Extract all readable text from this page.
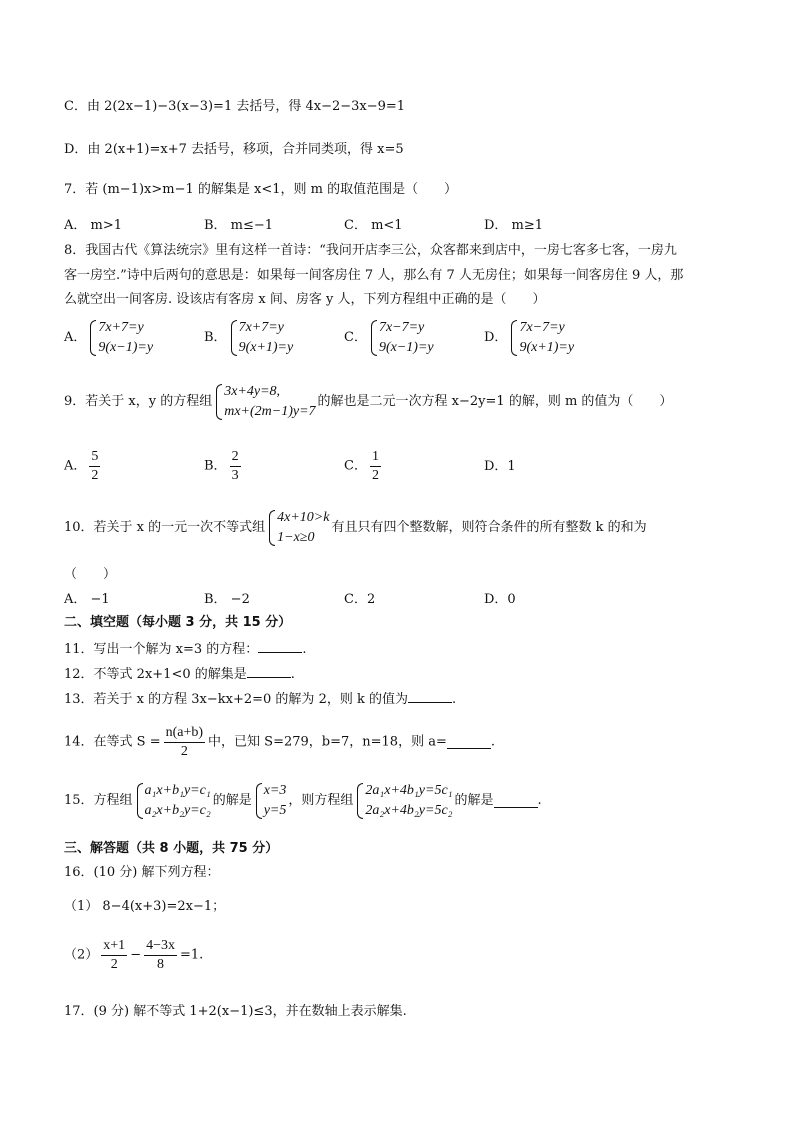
C．由 2(2x−1)−3(x−3)=1 去括号，得 4x−2−3x−9=1
D．由 2(x+1)=x+7 去括号，移项，合并同类项，得 x=5
7．若 (m−1)x>m−1 的解集是 x<1，则 m 的取值范围是（　　）
A． m>1	B． m≤−1	C． m<1	D． m≥1
8．我国古代《算法统宗》里有这样一首诗：“我问开店李三公，众客都来到店中，一房七客多七客，一房九
客一房空.”诗中后两句的意思是：如果每一间客房住 7 人，那么有 7 人无房住；如果每一间客房住 9 人，那
么就空出一间客房. 设该店有客房 x 间、房客 y 人，下列方程组中正确的是（　　）
A．
7x+7=y
9(x−1)=y
B．
7x+7=y
9(x+1)=y
C．
7x−7=y
9(x−1)=y
D．
7x−7=y
9(x+1)=y
9．若关于 x，y 的方程组
3x+4y=8,
mx+(2m−1)y=7
的解也是二元一次方程 x−2y=1 的解，则 m 的值为（　　）
A． $\frac{5}{2}$	B． $\frac{2}{3}$	C． $\frac{1}{2}$	D．1
10．若关于 x 的一元一次不等式组
4x+10>k
1−x≥0
有且只有四个整数解，则符合条件的所有整数 k 的和为
（　　）
A． −1	B． −2	C．2	D．0
二、填空题（每小题 3 分，共 15 分）
11．写出一个解为 x=3 的方程：	.
12．不等式 2x+1<0 的解集是	.
13．若关于 x 的方程 3x−kx+2=0 的解为 2，则 k 的值为	.
14．在等式 $S = \frac{n(a+b)}{2}$ 中，已知 S=279，b=7，n=18，则 a=	.
15．方程组
a₁x+b₁y=c₁
a₂x+b₂y=c₂
的解是
x=3
y=5
，则方程组
2a₁x+4b₁y=5c₁
2a₂x+4b₂y=5c₂
的解是	.
三、解答题（共 8 小题，共 75 分）
16．(10 分) 解下列方程：
（1） 8−4(x+3)=2x−1；
$(2) \frac{x+1}{2} - \frac{4-3x}{8} =1$.
17．(9 分) 解不等式 1+2(x−1)≤3，并在数轴上表示解集.
